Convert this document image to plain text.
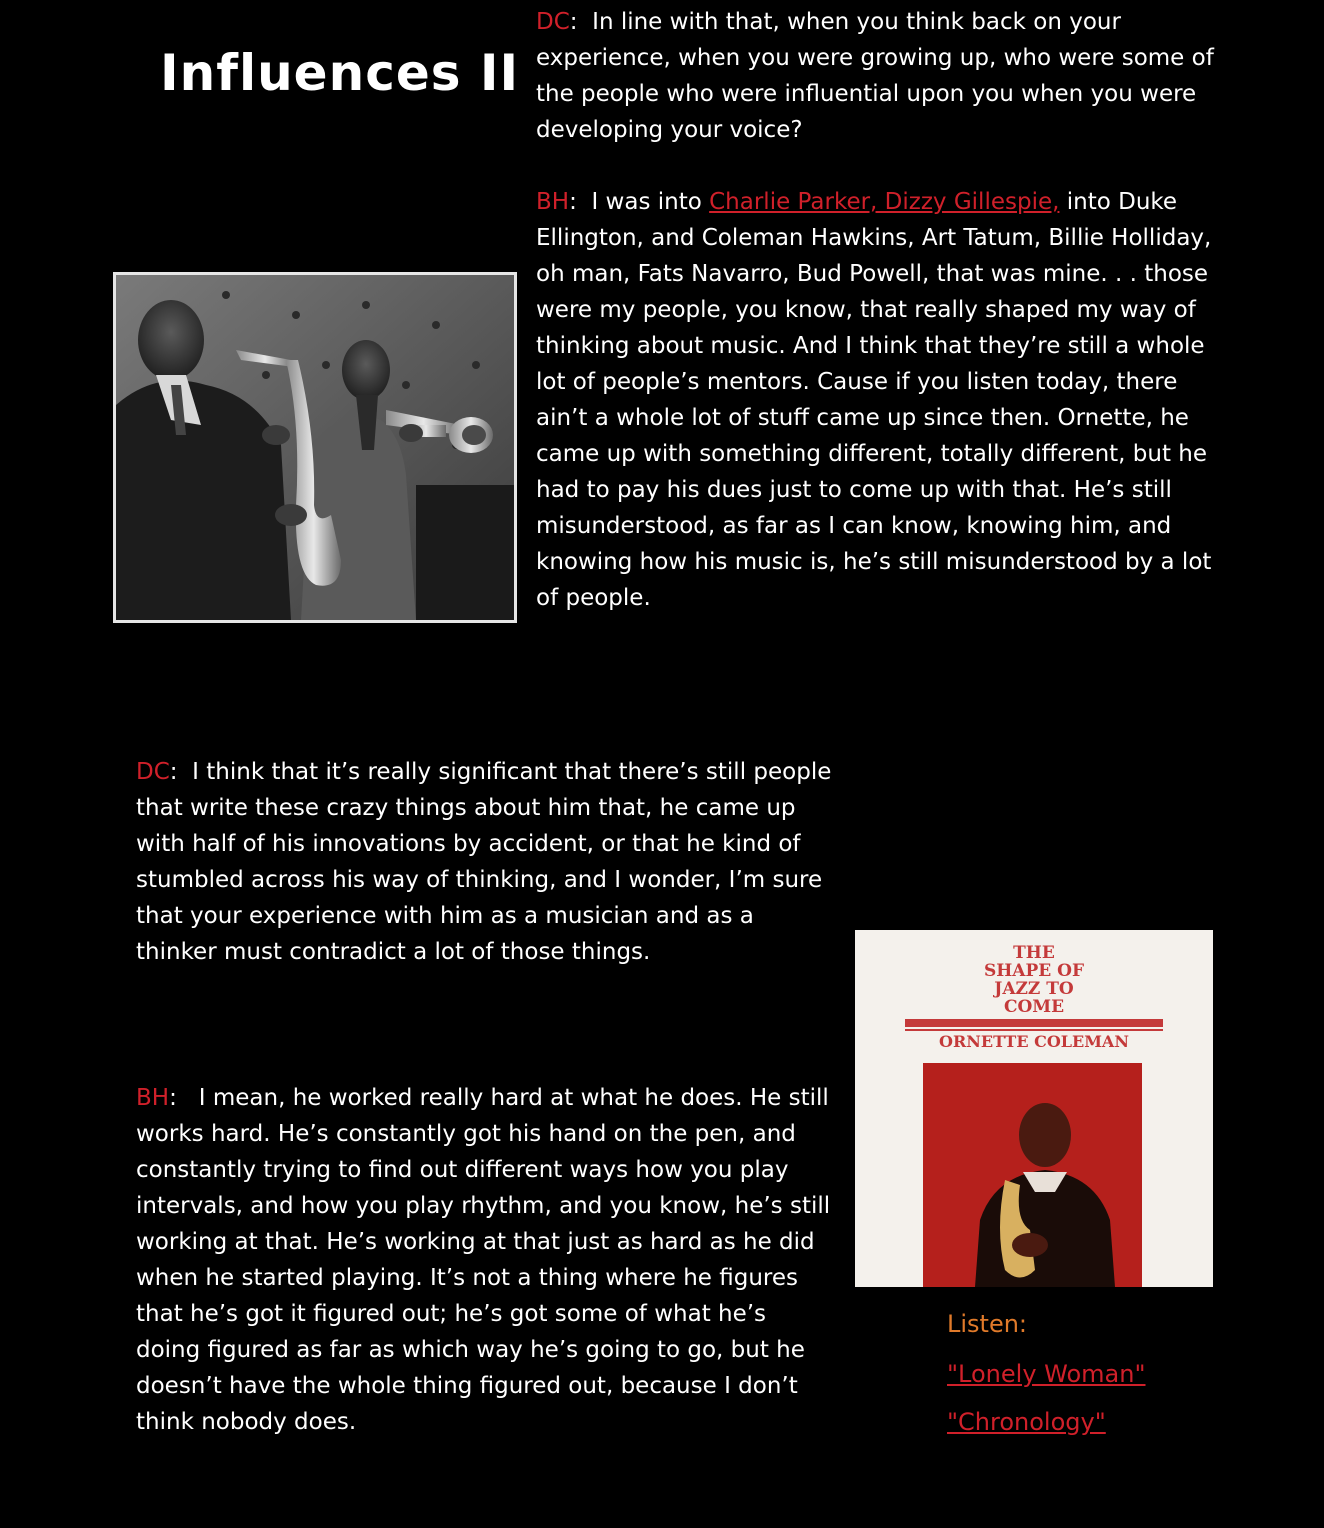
Influences II

DC:  In line with that, when you think back on your experience, when you were growing up, who were some of the people who were influential upon you when you were developing your voice?

BH:  I was into Charlie Parker, Dizzy Gillespie, into Duke Ellington, and Coleman Hawkins, Art Tatum, Billie Holliday, oh man, Fats Navarro, Bud Powell, that was mine. . . those were my people, you know, that really shaped my way of thinking about music. And I think that they’re still a whole lot of people’s mentors. Cause if you listen today, there ain’t a whole lot of stuff came up since then. Ornette, he came up with something different, totally different, but he had to pay his dues just to come up with that. He’s still misunderstood, as far as I can know, knowing him, and knowing how his music is, he’s still misunderstood by a lot of people.

DC:  I think that it’s really significant that there’s still people that write these crazy things about him that, he came up with half of his innovations by accident, or that he kind of stumbled across his way of thinking, and I wonder, I’m sure that your experience with him as a musician and as a thinker must contradict a lot of those things.

BH:   I mean, he worked really hard at what he does. He still works hard. He’s constantly got his hand on the pen, and constantly trying to find out different ways how you play intervals, and how you play rhythm, and you know, he’s still working at that. He’s working at that just as hard as he did when he started playing. It’s not a thing where he figures that he’s got it figured out; he’s got some of what he’s doing figured as far as which way he’s going to go, but he doesn’t have the whole thing figured out, because I don’t think nobody does.

THE
SHAPE OF
JAZZ TO
COME
ORNETTE COLEMAN

Listen:

"Lonely Woman"
"Chronology"
